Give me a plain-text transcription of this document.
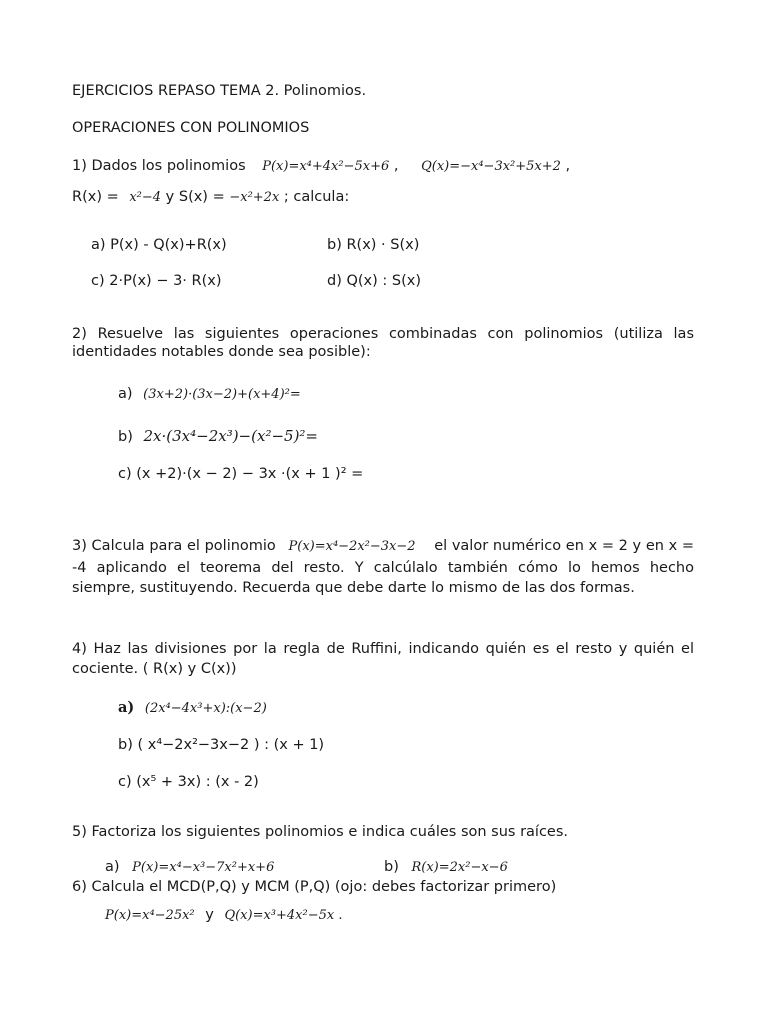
EJERCICIOS REPASO TEMA 2. Polinomios.
OPERACIONES CON POLINOMIOS
1) Dados los polinomios P(x)=x⁴+4x²−5x+6 , Q(x)=−x⁴−3x²+5x+2 ,
R(x) = x²−4 y S(x) = −x²+2x ; calcula:
a) P(x) - Q(x)+R(x)	b) R(x) · S(x)
c) 2·P(x) − 3· R(x)	d) Q(x) : S(x)
2) Resuelve las siguientes operaciones combinadas con polinomios (utiliza las identidades notables donde sea posible):
a) (3x+2)·(3x−2)+(x+4)²=
b) 2x·(3x⁴−2x³)−(x²−5)²=
c) (x +2)·(x − 2) − 3x ·(x + 1 )² =
3) Calcula para el polinomio P(x)=x⁴−2x²−3x−2 el valor numérico en x = 2 y en x = -4 aplicando el teorema del resto. Y calcúlalo también cómo lo hemos hecho siempre, sustituyendo. Recuerda que debe darte lo mismo de las dos formas.
4) Haz las divisiones por la regla de Ruffini, indicando quién es el resto y quién el cociente. ( R(x) y C(x))
a) (2x⁴−4x³+x):(x−2)
b) ( x⁴−2x²−3x−2 ) : (x + 1)
c) (x⁵ + 3x) : (x - 2)
5) Factoriza los siguientes polinomios e indica cuáles son sus raíces.
a) P(x)=x⁴−x³−7x²+x+6	b) R(x)=2x²−x−6
6) Calcula el MCD(P,Q) y MCM (P,Q) (ojo: debes factorizar primero)
P(x)=x⁴−25x² y Q(x)=x³+4x²−5x .
